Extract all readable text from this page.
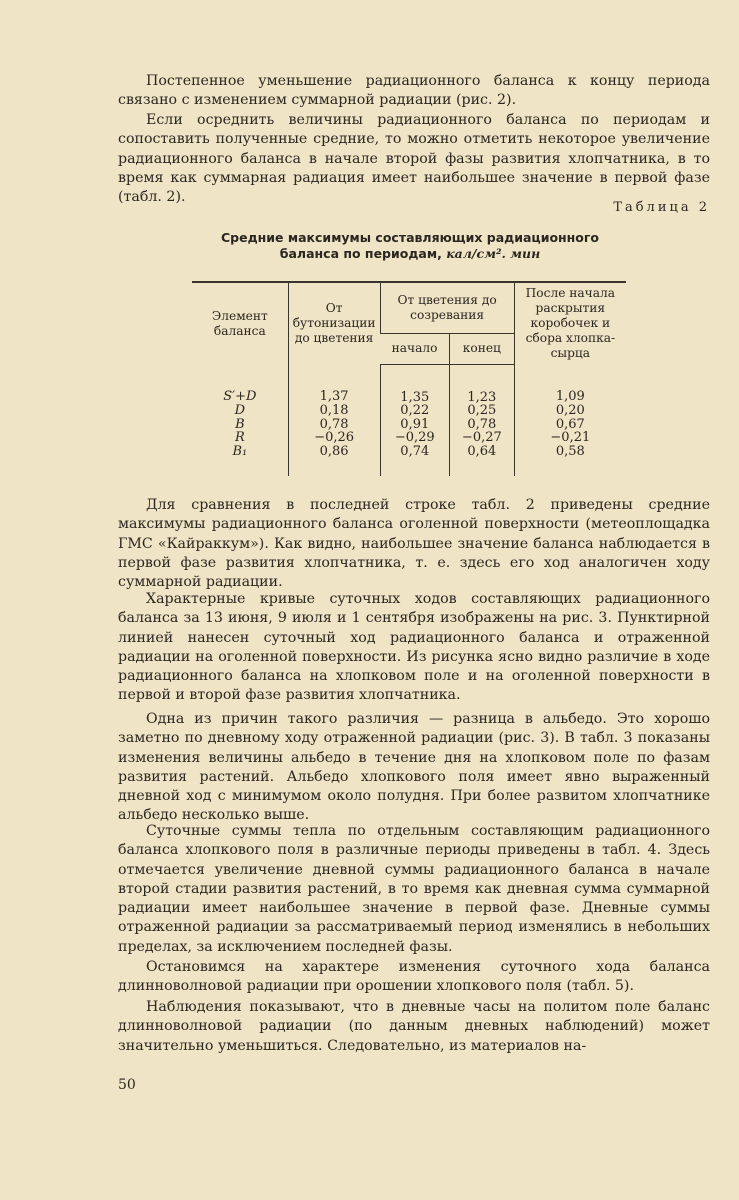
Постепенное уменьшение радиационного баланса к концу периода связано с изменением суммарной радиации (рис. 2).

Если осреднить величины радиационного баланса по периодам и сопоставить полученные средние, то можно отметить некоторое увеличение радиационного баланса в начале второй фазы развития хлопчатника, в то время как суммарная радиация имеет наибольшее значение в первой фазе (табл. 2).

Таблица 2
Средние максимумы составляющих радиационного
баланса по периодам, кал/см². мин
Элемент баланса	От бутонизации до цветения	От цветения до созревания		После начала раскрытия коробочек и сбора хлопка-сырца
		начало	конец	
S′+D	1,37	1,35	1,23	1,09
D	0,18	0,22	0,25	0,20
B	0,78	0,91	0,78	0,67
R	−0,26	−0,29	−0,27	−0,21
B₁	0,86	0,74	0,64	0,58

Для сравнения в последней строке табл. 2 приведены средние максимумы радиационного баланса оголенной поверхности (метеоплощадка ГМС «Кайраккум»). Как видно, наибольшее значение баланса наблюдается в первой фазе развития хлопчатника, т. е. здесь его ход аналогичен ходу суммарной радиации.

Характерные кривые суточных ходов составляющих радиационного баланса за 13 июня, 9 июля и 1 сентября изображены на рис. 3. Пунктирной линией нанесен суточный ход радиационного баланса и отраженной радиации на оголенной поверхности. Из рисунка ясно видно различие в ходе радиационного баланса на хлопковом поле и на оголенной поверхности в первой и второй фазе развития хлопчатника.

Одна из причин такого различия — разница в альбедо. Это хорошо заметно по дневному ходу отраженной радиации (рис. 3). В табл. 3 показаны изменения величины альбедо в течение дня на хлопковом поле по фазам развития растений. Альбедо хлопкового поля имеет явно выраженный дневной ход с минимумом около полудня. При более развитом хлопчатнике альбедо несколько выше.

Суточные суммы тепла по отдельным составляющим радиационного баланса хлопкового поля в различные периоды приведены в табл. 4. Здесь отмечается увеличение дневной суммы радиационного баланса в начале второй стадии развития растений, в то время как дневная сумма суммарной радиации имеет наибольшее значение в первой фазе. Дневные суммы отраженной радиации за рассматриваемый период изменялись в небольших пределах, за исключением последней фазы.

Остановимся на характере изменения суточного хода баланса длинноволновой радиации при орошении хлопкового поля (табл. 5).

Наблюдения показывают, что в дневные часы на политом поле баланс длинноволновой радиации (по данным дневных наблюдений) может значительно уменьшиться. Следовательно, из материалов на-

50
